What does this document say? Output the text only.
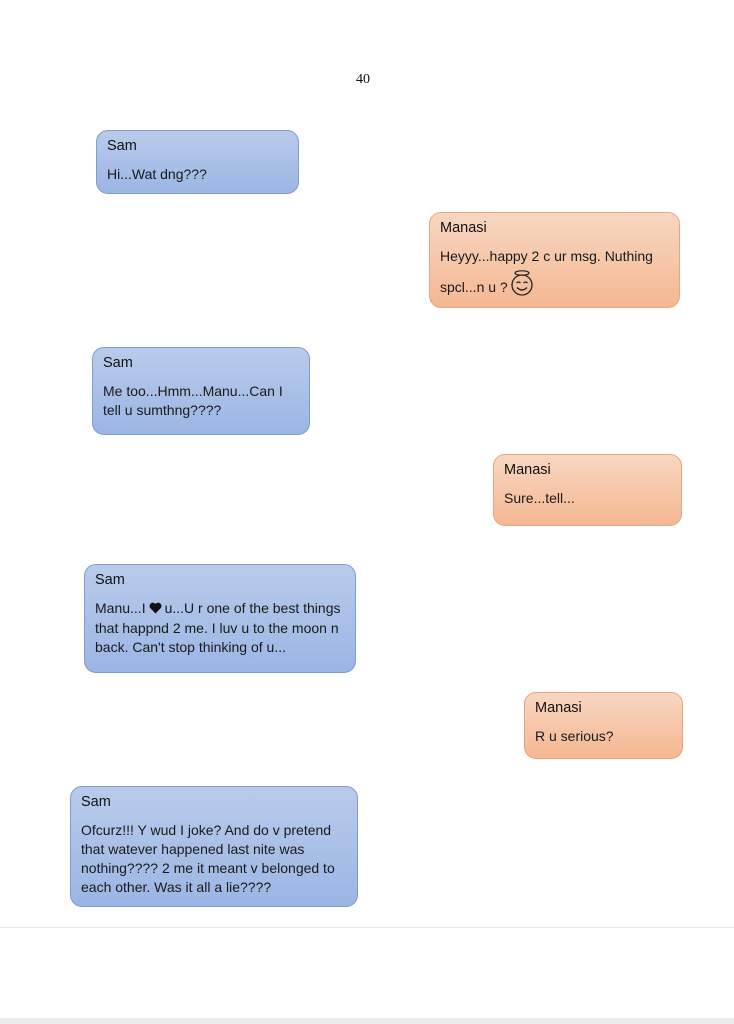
40
Sam
Hi...Wat dng???
Manasi
Heyyy...happy 2 c ur msg. Nuthing spcl...n u ?
Sam
Me too...Hmm...Manu...Can I tell u sumthng????
Manasi
Sure...tell...
Sam
Manu...I u...U r one of the best things that happnd 2 me. I luv u to the moon n back. Can't stop thinking of u...
Manasi
R u serious?
Sam
Ofcurz!!! Y wud I joke? And do v pretend that watever happened last nite was nothing???? 2 me it meant v belonged to each other. Was it all a lie????
